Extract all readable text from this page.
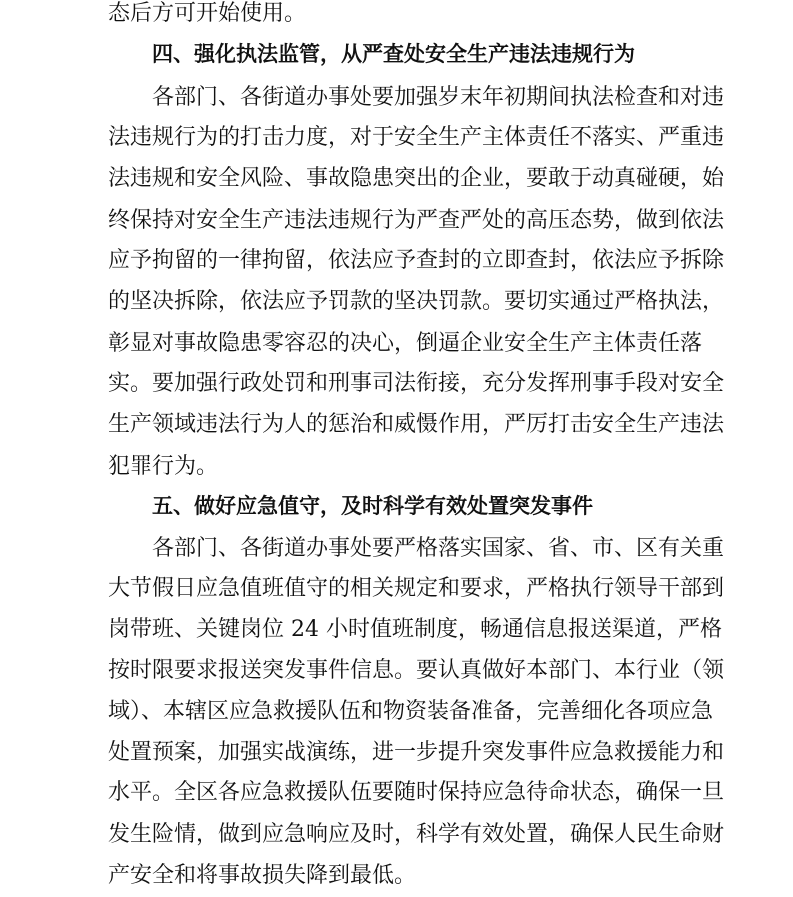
态后方可开始使用。
四、强化执法监管，从严查处安全生产违法违规行为
各部门、各街道办事处要加强岁末年初期间执法检查和对违
法违规行为的打击力度，对于安全生产主体责任不落实、严重违
法违规和安全风险、事故隐患突出的企业，要敢于动真碰硬，始
终保持对安全生产违法违规行为严查严处的高压态势，做到依法
应予拘留的一律拘留，依法应予查封的立即查封，依法应予拆除
的坚决拆除，依法应予罚款的坚决罚款。要切实通过严格执法，
彰显对事故隐患零容忍的决心，倒逼企业安全生产主体责任落
实。要加强行政处罚和刑事司法衔接，充分发挥刑事手段对安全
生产领域违法行为人的惩治和威慑作用，严厉打击安全生产违法
犯罪行为。
五、做好应急值守，及时科学有效处置突发事件
各部门、各街道办事处要严格落实国家、省、市、区有关重
大节假日应急值班值守的相关规定和要求，严格执行领导干部到
岗带班、关键岗位 24 小时值班制度，畅通信息报送渠道，严格
按时限要求报送突发事件信息。要认真做好本部门、本行业（领
域）、本辖区应急救援队伍和物资装备准备，完善细化各项应急
处置预案，加强实战演练，进一步提升突发事件应急救援能力和
水平。全区各应急救援队伍要随时保持应急待命状态，确保一旦
发生险情，做到应急响应及时，科学有效处置，确保人民生命财
产安全和将事故损失降到最低。
